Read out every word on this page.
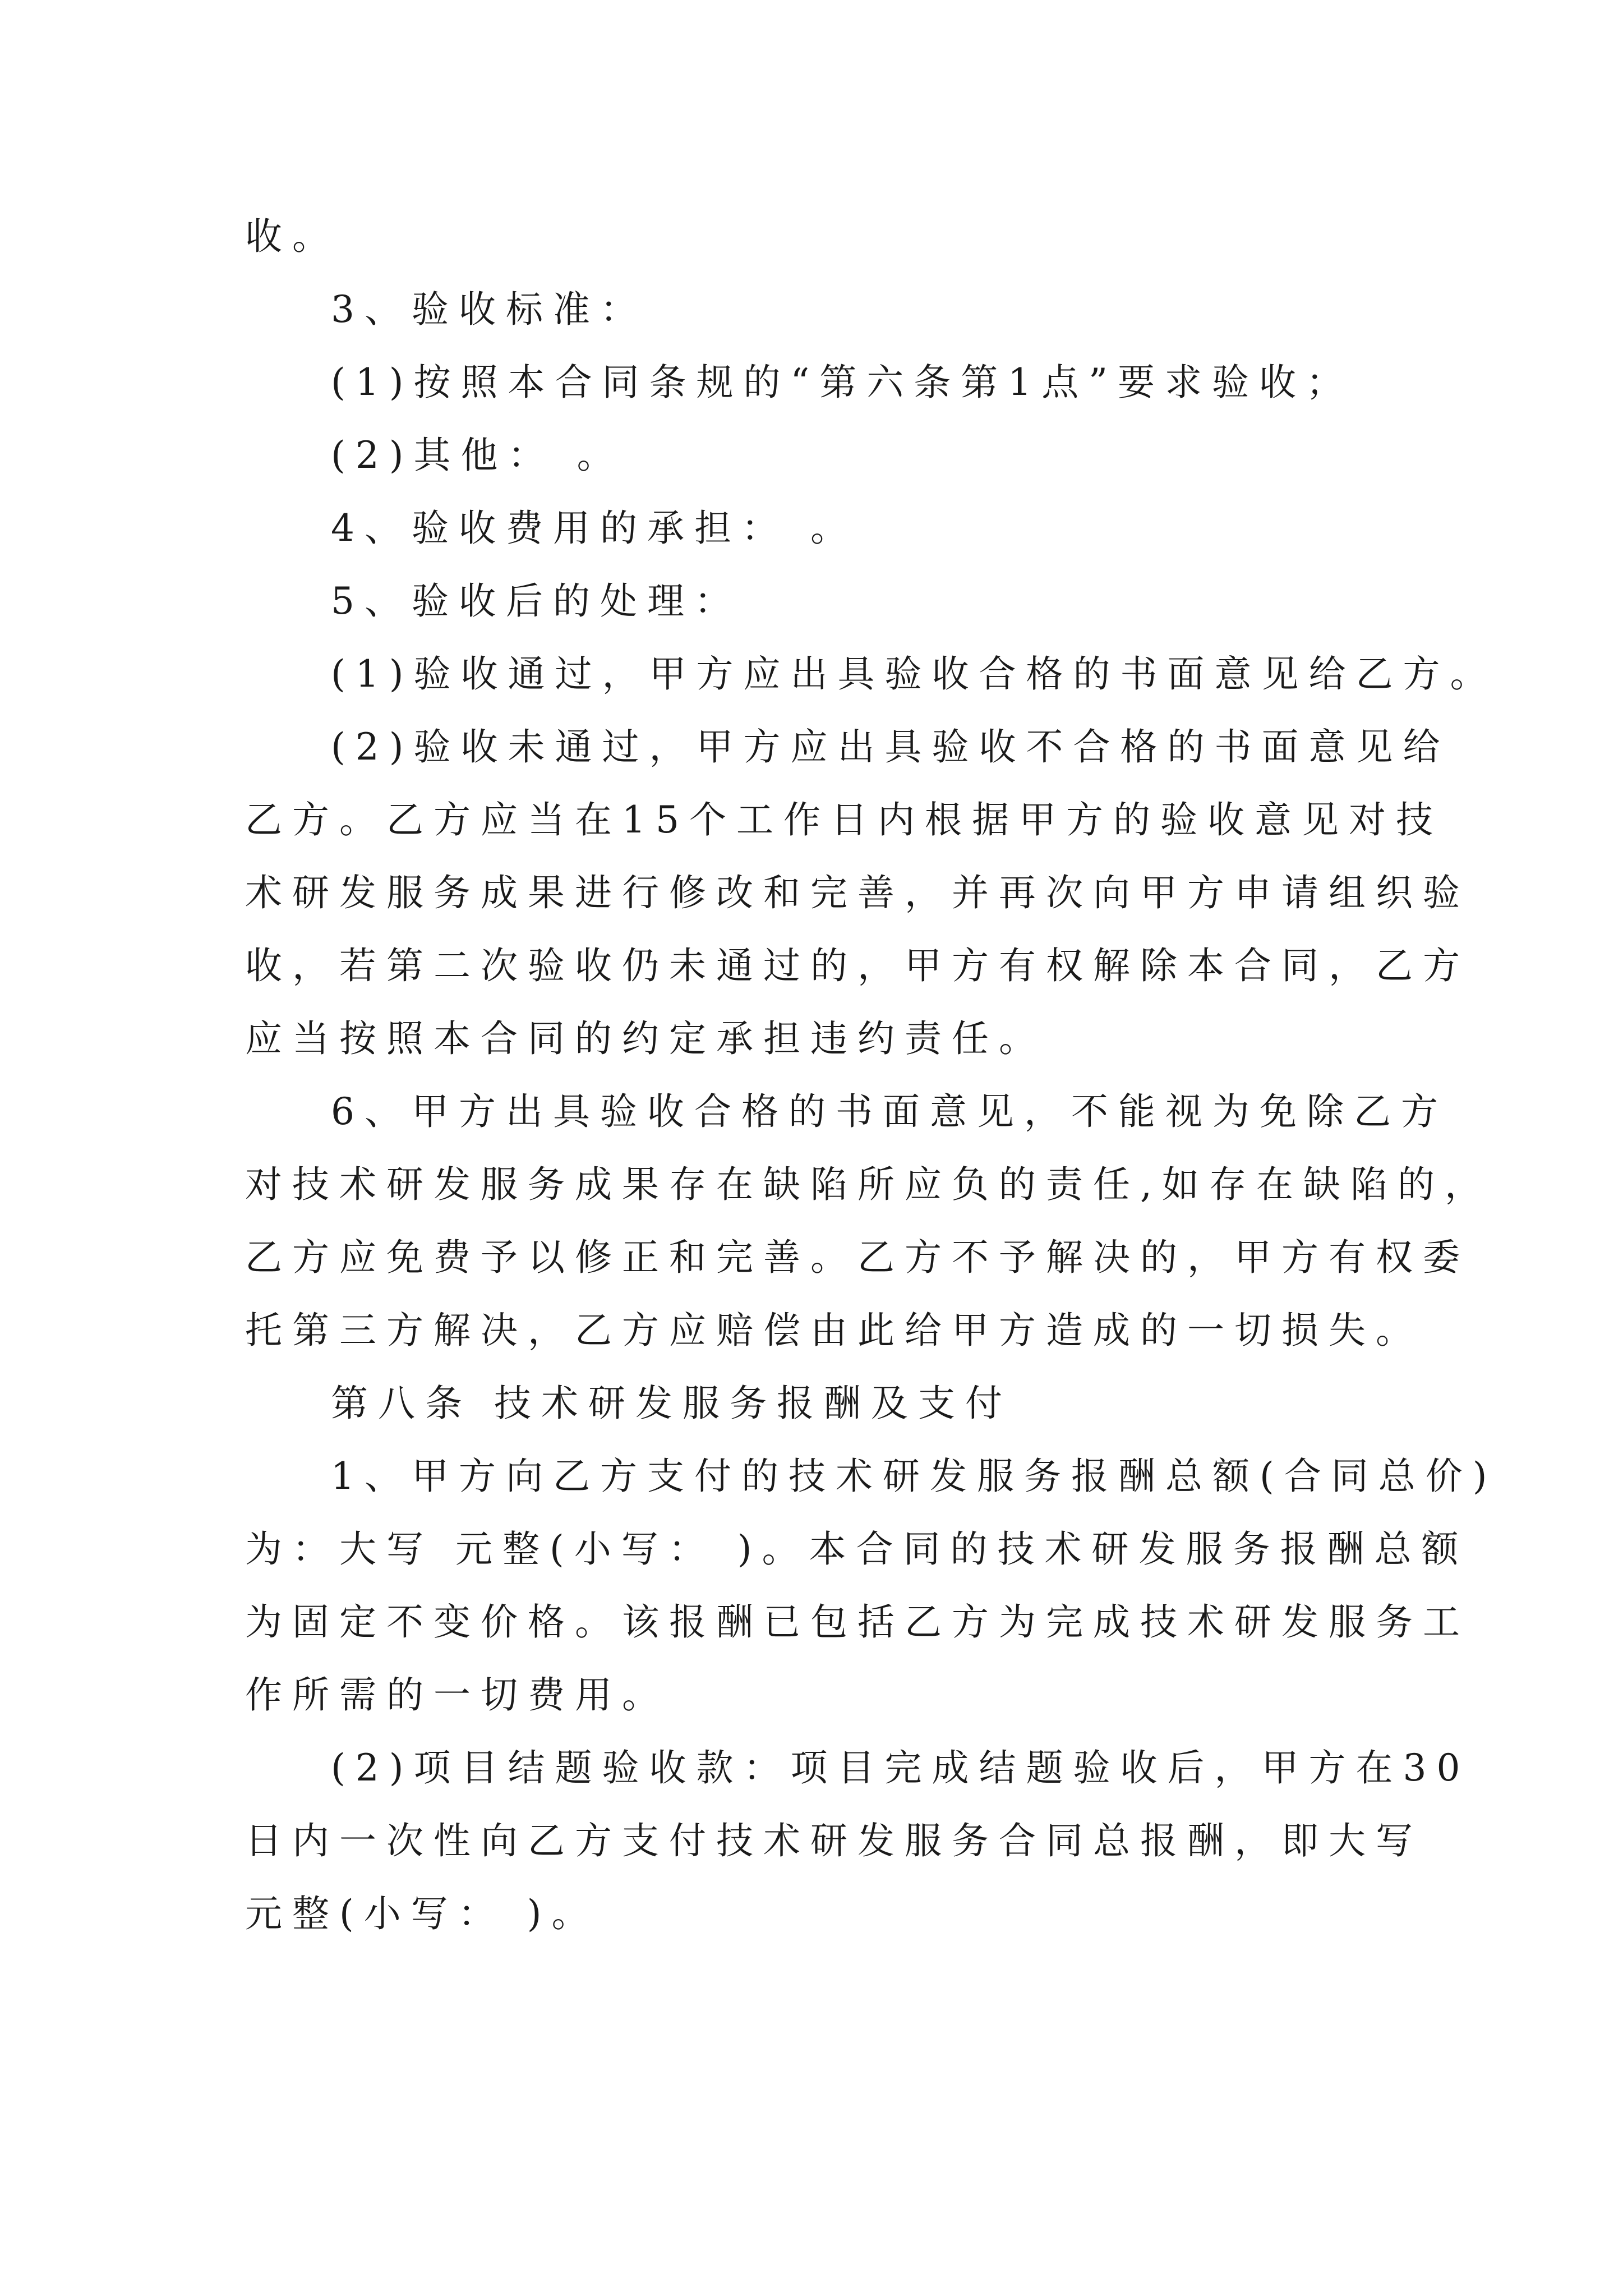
收。

3、验收标准：

(1)按照本合同条规的“第六条第1点”要求验收；

(2)其他： 。

4、验收费用的承担： 。

5、验收后的处理：

(1)验收通过，甲方应出具验收合格的书面意见给乙方。

(2)验收未通过，甲方应出具验收不合格的书面意见给

乙方。乙方应当在15个工作日内根据甲方的验收意见对技

术研发服务成果进行修改和完善，并再次向甲方申请组织验

收，若第二次验收仍未通过的，甲方有权解除本合同，乙方

应当按照本合同的约定承担违约责任。

6、甲方出具验收合格的书面意见，不能视为免除乙方

对技术研发服务成果存在缺陷所应负的责任,如存在缺陷的，

乙方应免费予以修正和完善。乙方不予解决的，甲方有权委

托第三方解决，乙方应赔偿由此给甲方造成的一切损失。

第八条 技术研发服务报酬及支付

1、甲方向乙方支付的技术研发服务报酬总额(合同总价)

为：大写 元整(小写： )。本合同的技术研发服务报酬总额

为固定不变价格。该报酬已包括乙方为完成技术研发服务工

作所需的一切费用。

(2)项目结题验收款：项目完成结题验收后，甲方在30

日内一次性向乙方支付技术研发服务合同总报酬，即大写

元整(小写： )。
